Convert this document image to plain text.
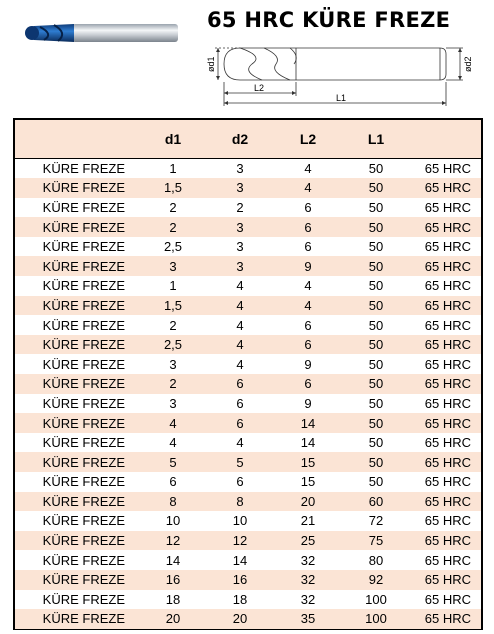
65 HRC KÜRE FREZE
ød1	ød2
L2
L1
	d1	d2	L2	L1	
KÜRE FREZE	1	3	4	50	65 HRC
KÜRE FREZE	1,5	3	4	50	65 HRC
KÜRE FREZE	2	2	6	50	65 HRC
KÜRE FREZE	2	3	6	50	65 HRC
KÜRE FREZE	2,5	3	6	50	65 HRC
KÜRE FREZE	3	3	9	50	65 HRC
KÜRE FREZE	1	4	4	50	65 HRC
KÜRE FREZE	1,5	4	4	50	65 HRC
KÜRE FREZE	2	4	6	50	65 HRC
KÜRE FREZE	2,5	4	6	50	65 HRC
KÜRE FREZE	3	4	9	50	65 HRC
KÜRE FREZE	2	6	6	50	65 HRC
KÜRE FREZE	3	6	9	50	65 HRC
KÜRE FREZE	4	6	14	50	65 HRC
KÜRE FREZE	4	4	14	50	65 HRC
KÜRE FREZE	5	5	15	50	65 HRC
KÜRE FREZE	6	6	15	50	65 HRC
KÜRE FREZE	8	8	20	60	65 HRC
KÜRE FREZE	10	10	21	72	65 HRC
KÜRE FREZE	12	12	25	75	65 HRC
KÜRE FREZE	14	14	32	80	65 HRC
KÜRE FREZE	16	16	32	92	65 HRC
KÜRE FREZE	18	18	32	100	65 HRC
KÜRE FREZE	20	20	35	100	65 HRC
